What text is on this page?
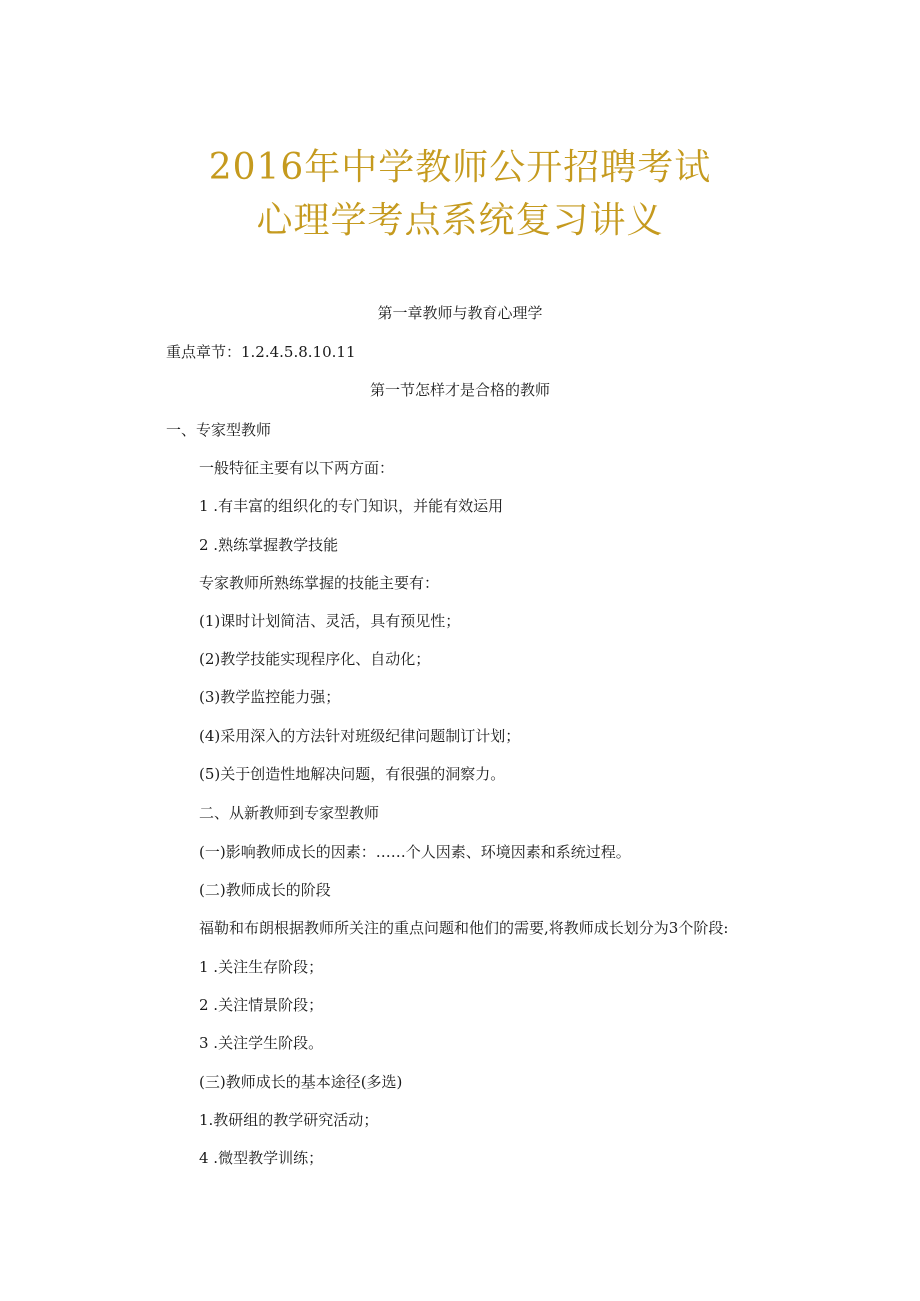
2016年中学教师公开招聘考试
心理学考点系统复习讲义
第一章教师与教育心理学
重点章节：1.2.4.5.8.10.11
第一节怎样才是合格的教师
一、专家型教师
一般特征主要有以下两方面：
1 .有丰富的组织化的专门知识，并能有效运用
2 .熟练掌握教学技能
专家教师所熟练掌握的技能主要有：
(1)课时计划简洁、灵活，具有预见性；
(2)教学技能实现程序化、自动化；
(3)教学监控能力强；
(4)采用深入的方法针对班级纪律问题制订计划；
(5)关于创造性地解决问题，有很强的洞察力。
二、从新教师到专家型教师
(一)影响教师成长的因素：……个人因素、环境因素和系统过程。
(二)教师成长的阶段
福勒和布朗根据教师所关注的重点问题和他们的需要,将教师成长划分为3个阶段:
1 .关注生存阶段；
2 .关注情景阶段；
3 .关注学生阶段。
(三)教师成长的基本途径(多选)
1.教研组的教学研究活动；
4 .微型教学训练；
